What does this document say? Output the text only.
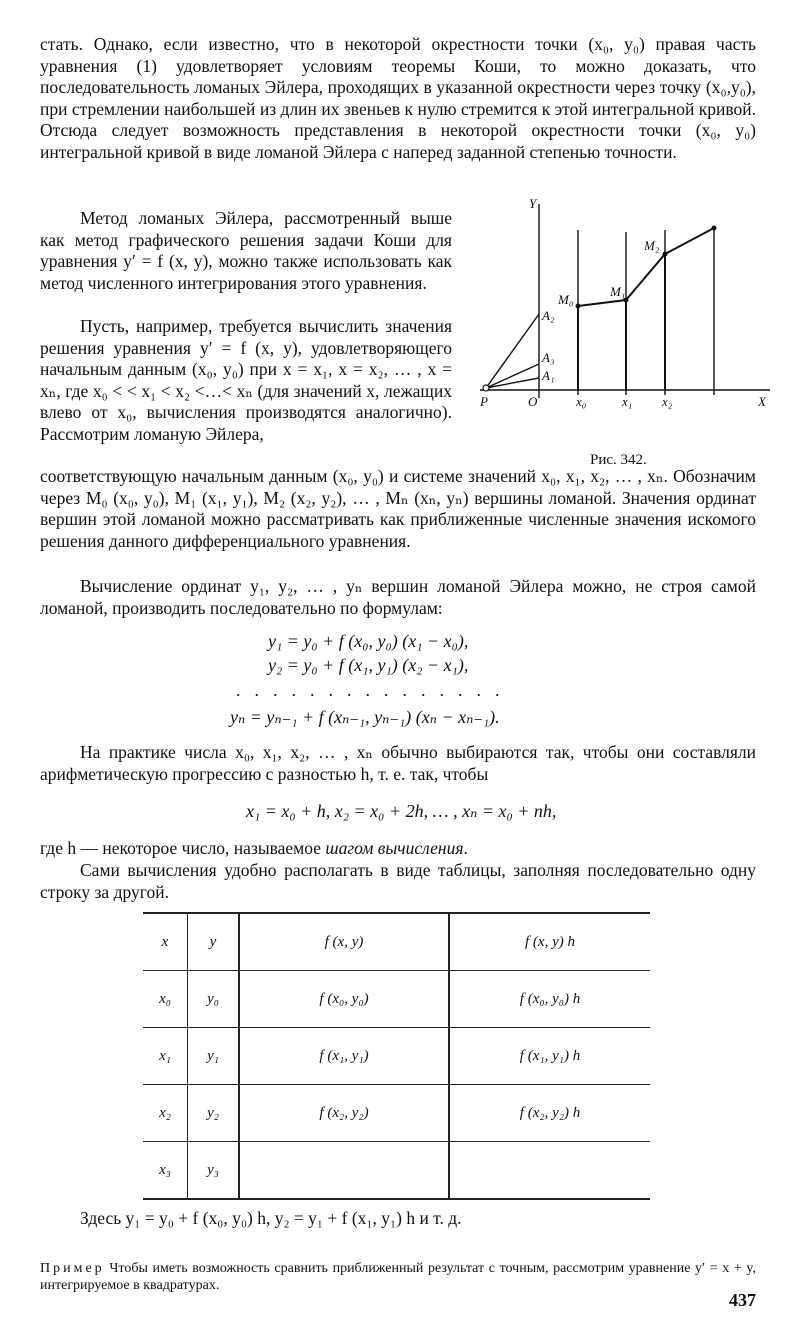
стать. Однако, если известно, что в некоторой окрестности точки (x₀, y₀) правая часть уравнения (1) удовлетворяет условиям теоремы Коши, то можно доказать, что последовательность ломаных Эйлера, проходящих в указанной окрестности через точку (x₀,y₀), при стремлении наибольшей из длин их звеньев к нулю стремится к этой интегральной кривой. Отсюда следует возможность представления в некоторой окрестности точки (x₀, y₀) интегральной кривой в виде ломаной Эйлера с наперед заданной степенью точности.

Метод ломаных Эйлера, рассмотренный выше как метод графического решения задачи Коши для уравнения y′ = f (x, y), можно также использовать как метод численного интегрирования этого уравнения.

Пусть, например, требуется вычислить значения решения уравнения y′ = f (x, y), удовлетворяющего начальным данным (x₀, y₀) при x = x₁, x = x₂, … , x = xₙ, где x₀ < < x₁ < x₂ <…< xₙ (для значений x, лежащих влево от x₀, вычисления производятся аналогично). Рассмотрим ломаную Эйлера,

соответствующую начальным данным (x₀, y₀) и системе значений x₀, x₁, x₂, … , xₙ. Обозначим через M₀ (x₀, y₀), M₁ (x₁, y₁), M₂ (x₂, y₂), … , Mₙ (xₙ, yₙ) вершины ломаной. Значения ординат вершин этой ломаной можно рассматривать как приближенные численные значения искомого решения данного дифференциального уравнения.

Y
X
O
P	x₀	x₁ x₂
M₀
M₁
M₂
A₂
A₃
A₁
Рис. 342.

Вычисление ординат y₁, y₂, … , yₙ вершин ломаной Эйлера можно, не строя самой ломаной, производить последовательно по формулам:

y₁ = y₀ + f (x₀, y₀) (x₁ − x₀),
y₂ = y₀ + f (x₁, y₁) (x₂ − x₁),
...............
yₙ = yₙ₋₁ + f (xₙ₋₁, yₙ₋₁) (xₙ − xₙ₋₁).

На практике числа x₀, x₁, x₂, … , xₙ обычно выбираются так, чтобы они составляли арифметическую прогрессию с разностью h, т. е. так, чтобы

x₁ = x₀ + h, x₂ = x₀ + 2h, … , xₙ = x₀ + nh,

где h — некоторое число, называемое шагом вычисления.

Сами вычисления удобно располагать в виде таблицы, заполняя последовательно одну строку за другой.

x	y	f (x, y)	f (x, y) h
x₀	y₀	f (x₀, y₀)	f (x₀, y₀) h
x₁	y₁	f (x₁, y₁)	f (x₁, y₁) h
x₂	y₂	f (x₂, y₂)	f (x₂, y₂) h
x₃	y₃		

Здесь y₁ = y₀ + f (x₀, y₀) h, y₂ = y₁ + f (x₁, y₁) h и т. д.

Пример Чтобы иметь возможность сравнить приближенный результат с точным, рассмотрим уравнение y′ = x + y, интегрируемое в квадратурах.

437
